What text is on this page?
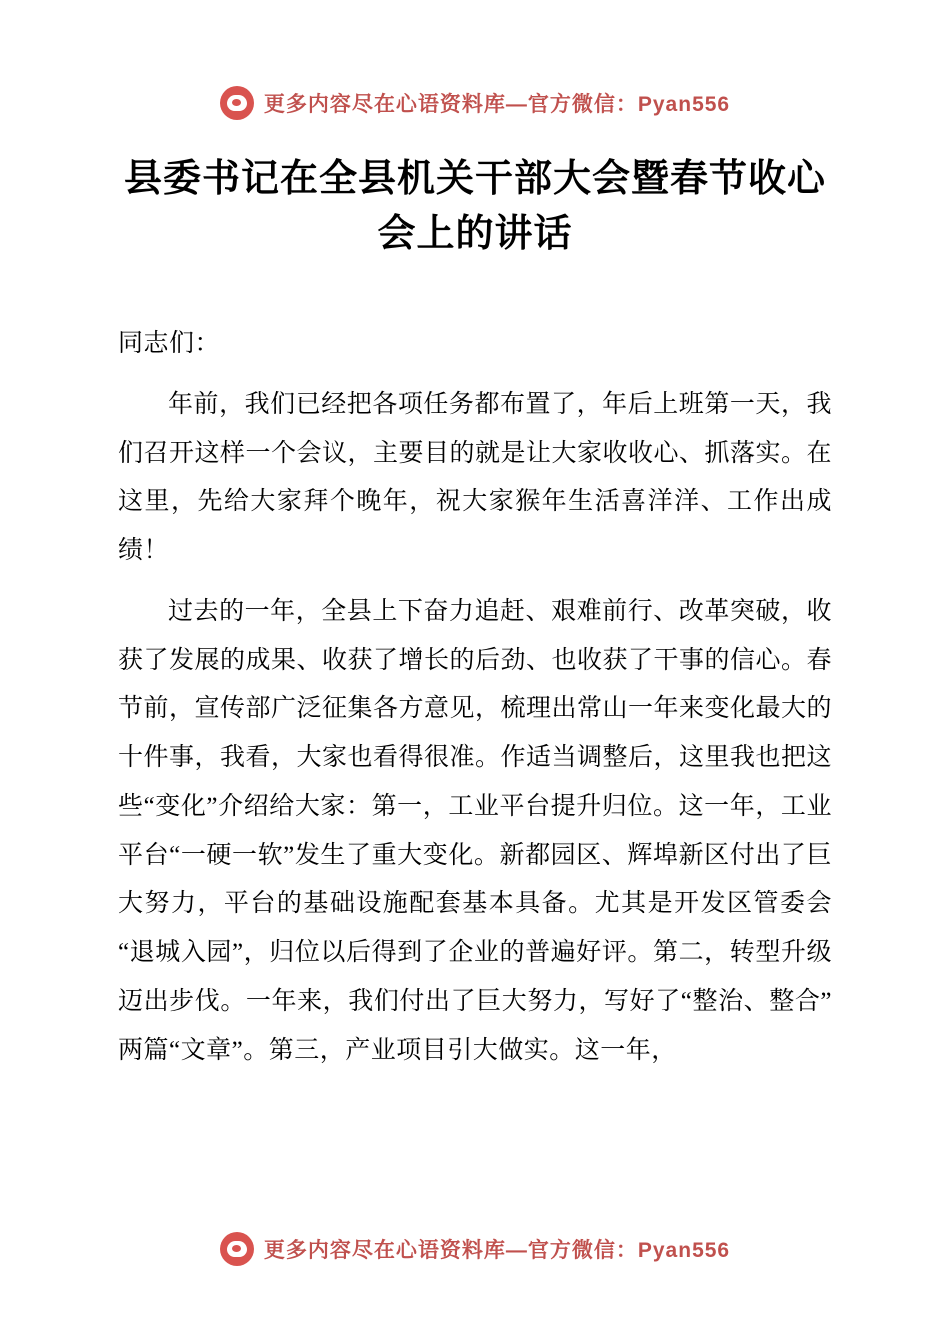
更多内容尽在心语资料库—官方微信：Pyan556
县委书记在全县机关干部大会暨春节收心会上的讲话

同志们：

年前，我们已经把各项任务都布置了，年后上班第一天，我们召开这样一个会议，主要目的就是让大家收收心、抓落实。在这里，先给大家拜个晚年，祝大家猴年生活喜洋洋、工作出成绩！

过去的一年，全县上下奋力追赶、艰难前行、改革突破，收获了发展的成果、收获了增长的后劲、也收获了干事的信心。春节前，宣传部广泛征集各方意见，梳理出常山一年来变化最大的十件事，我看，大家也看得很准。作适当调整后，这里我也把这些“变化”介绍给大家：第一，工业平台提升归位。这一年，工业平台“一硬一软”发生了重大变化。新都园区、辉埠新区付出了巨大努力，平台的基础设施配套基本具备。尤其是开发区管委会“退城入园”，归位以后得到了企业的普遍好评。第二，转型升级迈出步伐。一年来，我们付出了巨大努力，写好了“整治、整合”两篇“文章”。第三，产业项目引大做实。这一年，

更多内容尽在心语资料库—官方微信：Pyan556
